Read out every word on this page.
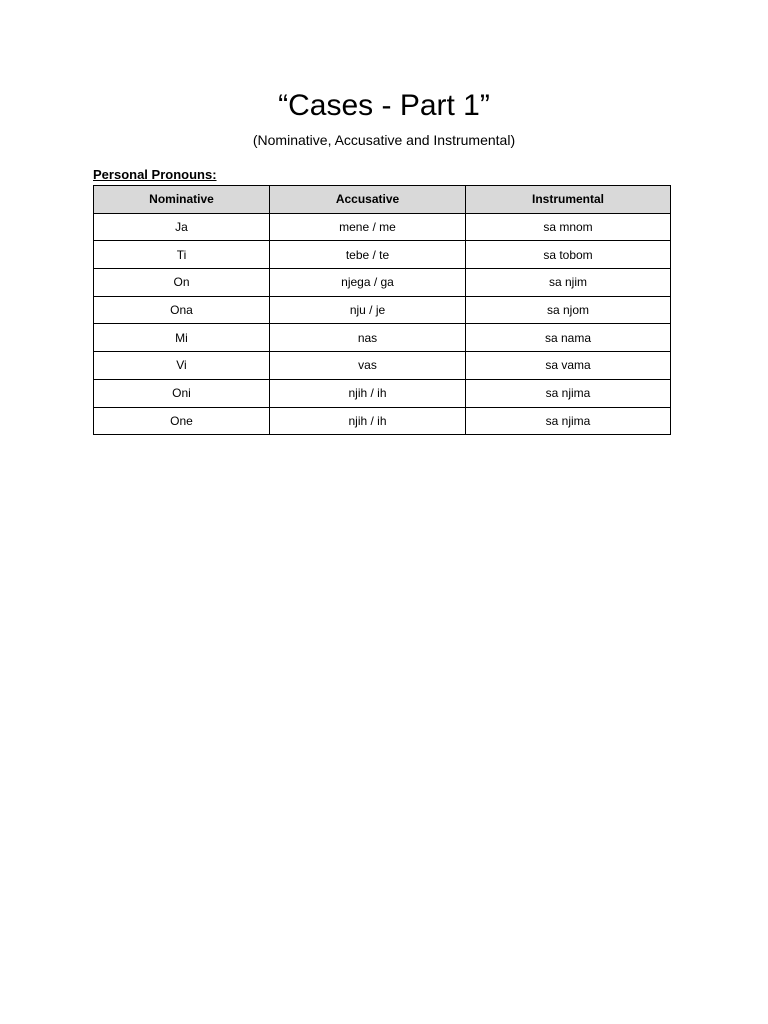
“Cases - Part 1”

(Nominative, Accusative and Instrumental)

Personal Pronouns:

Nominative	Accusative	Instrumental
Ja	mene / me	sa mnom
Ti	tebe / te	sa tobom
On	njega / ga	sa njim
Ona	nju / je	sa njom
Mi	nas	sa nama
Vi	vas	sa vama
Oni	njih / ih	sa njima
One	njih / ih	sa njima
